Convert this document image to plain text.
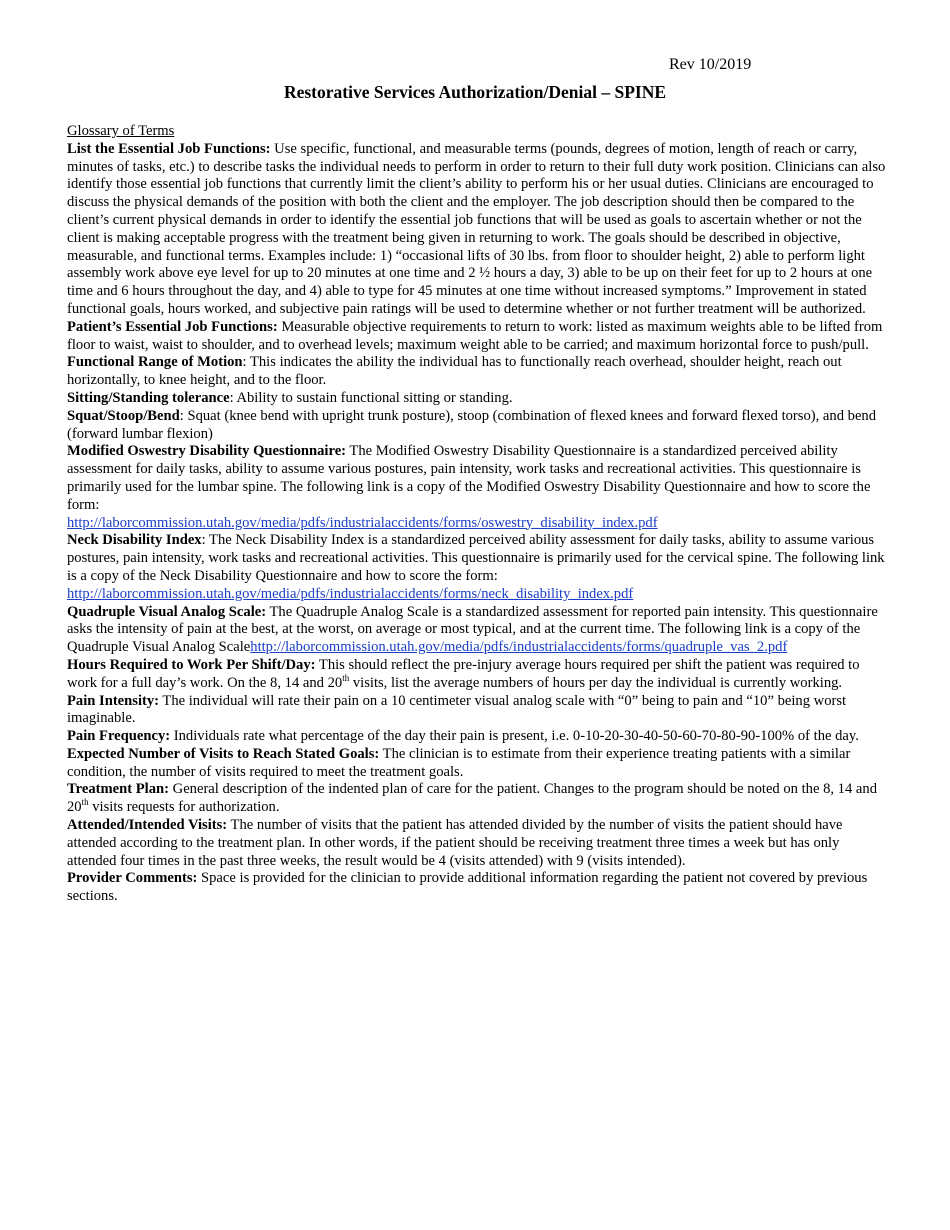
Rev 10/2019
Restorative Services Authorization/Denial – SPINE
Glossary of Terms

List the Essential Job Functions: Use specific, functional, and measurable terms (pounds, degrees of motion, length of reach or carry, minutes of tasks, etc.) to describe tasks the individual needs to perform in order to return to their full duty work position. Clinicians can also identify those essential job functions that currently limit the client’s ability to perform his or her usual duties. Clinicians are encouraged to discuss the physical demands of the position with both the client and the employer. The job description should then be compared to the client’s current physical demands in order to identify the essential job functions that will be used as goals to ascertain whether or not the client is making acceptable progress with the treatment being given in returning to work. The goals should be described in objective, measurable, and functional terms. Examples include: 1) “occasional lifts of 30 lbs. from floor to shoulder height, 2) able to perform light assembly work above eye level for up to 20 minutes at one time and 2 ½ hours a day, 3) able to be up on their feet for up to 2 hours at one time and 6 hours throughout the day, and 4) able to type for 45 minutes at one time without increased symptoms.” Improvement in stated functional goals, hours worked, and subjective pain ratings will be used to determine whether or not further treatment will be authorized.

Patient’s Essential Job Functions: Measurable objective requirements to return to work: listed as maximum weights able to be lifted from floor to waist, waist to shoulder, and to overhead levels; maximum weight able to be carried; and maximum horizontal force to push/pull.

Functional Range of Motion: This indicates the ability the individual has to functionally reach overhead, shoulder height, reach out horizontally, to knee height, and to the floor.

Sitting/Standing tolerance: Ability to sustain functional sitting or standing.

Squat/Stoop/Bend: Squat (knee bend with upright trunk posture), stoop (combination of flexed knees and forward flexed torso), and bend (forward lumbar flexion)

Modified Oswestry Disability Questionnaire: The Modified Oswestry Disability Questionnaire is a standardized perceived ability assessment for daily tasks, ability to assume various postures, pain intensity, work tasks and recreational activities. This questionnaire is primarily used for the lumbar spine. The following link is a copy of the Modified Oswestry Disability Questionnaire and how to score the form:
http://laborcommission.utah.gov/media/pdfs/industrialaccidents/forms/oswestry_disability_index.pdf

Neck Disability Index: The Neck Disability Index is a standardized perceived ability assessment for daily tasks, ability to assume various postures, pain intensity, work tasks and recreational activities. This questionnaire is primarily used for the cervical spine. The following link is a copy of the Neck Disability Questionnaire and how to score the form:
http://laborcommission.utah.gov/media/pdfs/industrialaccidents/forms/neck_disability_index.pdf

Quadruple Visual Analog Scale: The Quadruple Analog Scale is a standardized assessment for reported pain intensity. This questionnaire asks the intensity of pain at the best, at the worst, on average or most typical, and at the current time. The following link is a copy of the Quadruple Visual Analog Scalehttp://laborcommission.utah.gov/media/pdfs/industrialaccidents/forms/quadruple_vas_2.pdf

Hours Required to Work Per Shift/Day: This should reflect the pre-injury average hours required per shift the patient was required to work for a full day’s work. On the 8, 14 and 20th visits, list the average numbers of hours per day the individual is currently working.

Pain Intensity: The individual will rate their pain on a 10 centimeter visual analog scale with “0” being to pain and “10” being worst imaginable.

Pain Frequency: Individuals rate what percentage of the day their pain is present, i.e. 0-10-20-30-40-50-60-70-80-90-100% of the day.

Expected Number of Visits to Reach Stated Goals: The clinician is to estimate from their experience treating patients with a similar condition, the number of visits required to meet the treatment goals.

Treatment Plan: General description of the indented plan of care for the patient. Changes to the program should be noted on the 8, 14 and 20th visits requests for authorization.

Attended/Intended Visits: The number of visits that the patient has attended divided by the number of visits the patient should have attended according to the treatment plan. In other words, if the patient should be receiving treatment three times a week but has only attended four times in the past three weeks, the result would be 4 (visits attended) with 9 (visits intended).

Provider Comments: Space is provided for the clinician to provide additional information regarding the patient not covered by previous sections.
